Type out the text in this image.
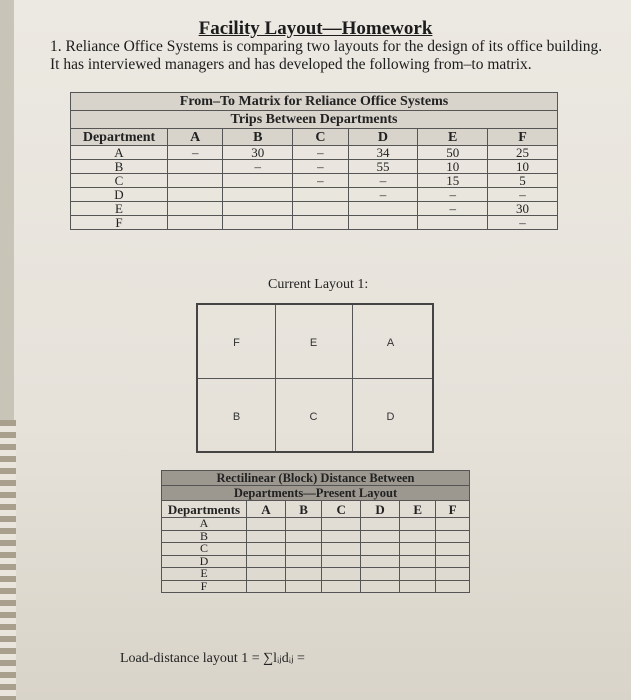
Facility Layout—Homework
1. Reliance Office Systems is comparing two layouts for the design of its office building.
It has interviewed managers and has developed the following from–to matrix.
From–To Matrix for Reliance Office Systems						
Trips Between Departments						
Department	A	B	C	D	E	F
A	–	30	–	34	50	25
B		–	–	55	10	10
C			–	–	15	5
D				–	–	–
E					–	30
F						–
Current Layout 1:
F	E	A
B	C	D
Rectilinear (Block) Distance Between						
Departments—Present Layout						
Departments	A	B	C	D	E	F
A						
B						
C						
D						
E						
F						
Load-distance layout 1 = ∑lᵢⱼdᵢⱼ =
